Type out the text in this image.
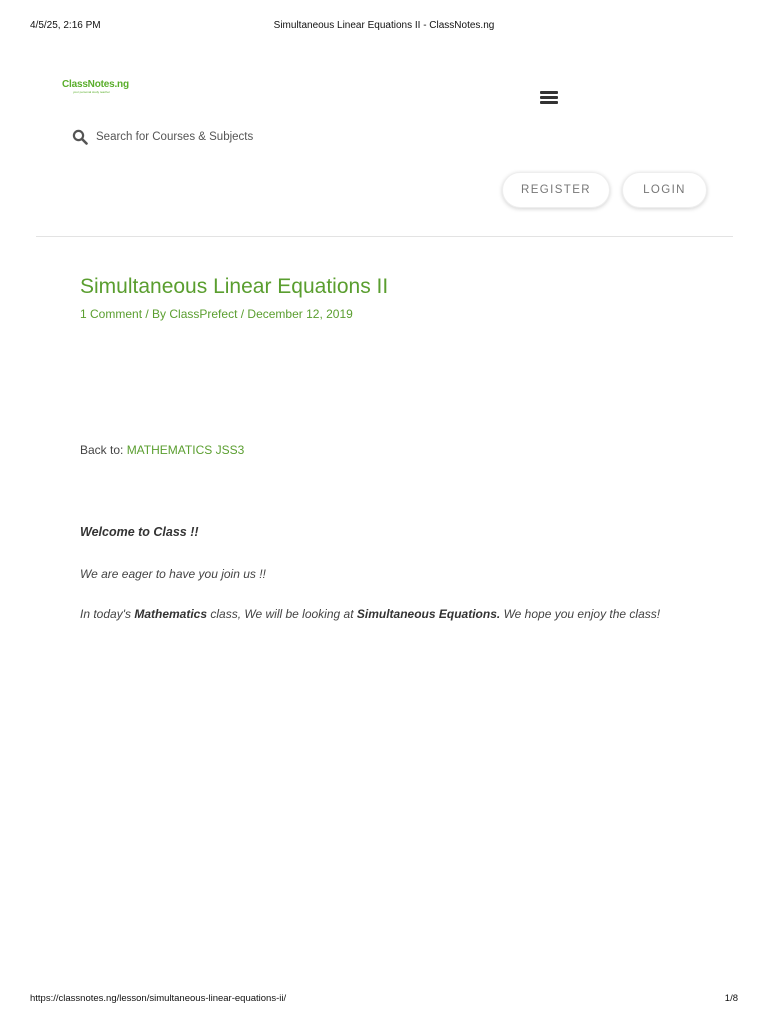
4/5/25, 2:16 PM	Simultaneous Linear Equations II - ClassNotes.ng
ClassNotes.ng
your personal study teacher
Search for Courses & Subjects
REGISTER	LOGIN
Simultaneous Linear Equations II
1 Comment / By ClassPrefect / December 12, 2019
Back to: MATHEMATICS JSS3
Welcome to Class !!
We are eager to have you join us !!
In today's Mathematics class, We will be looking at Simultaneous Equations. We hope you enjoy the class!
https://classnotes.ng/lesson/simultaneous-linear-equations-ii/	1/8
